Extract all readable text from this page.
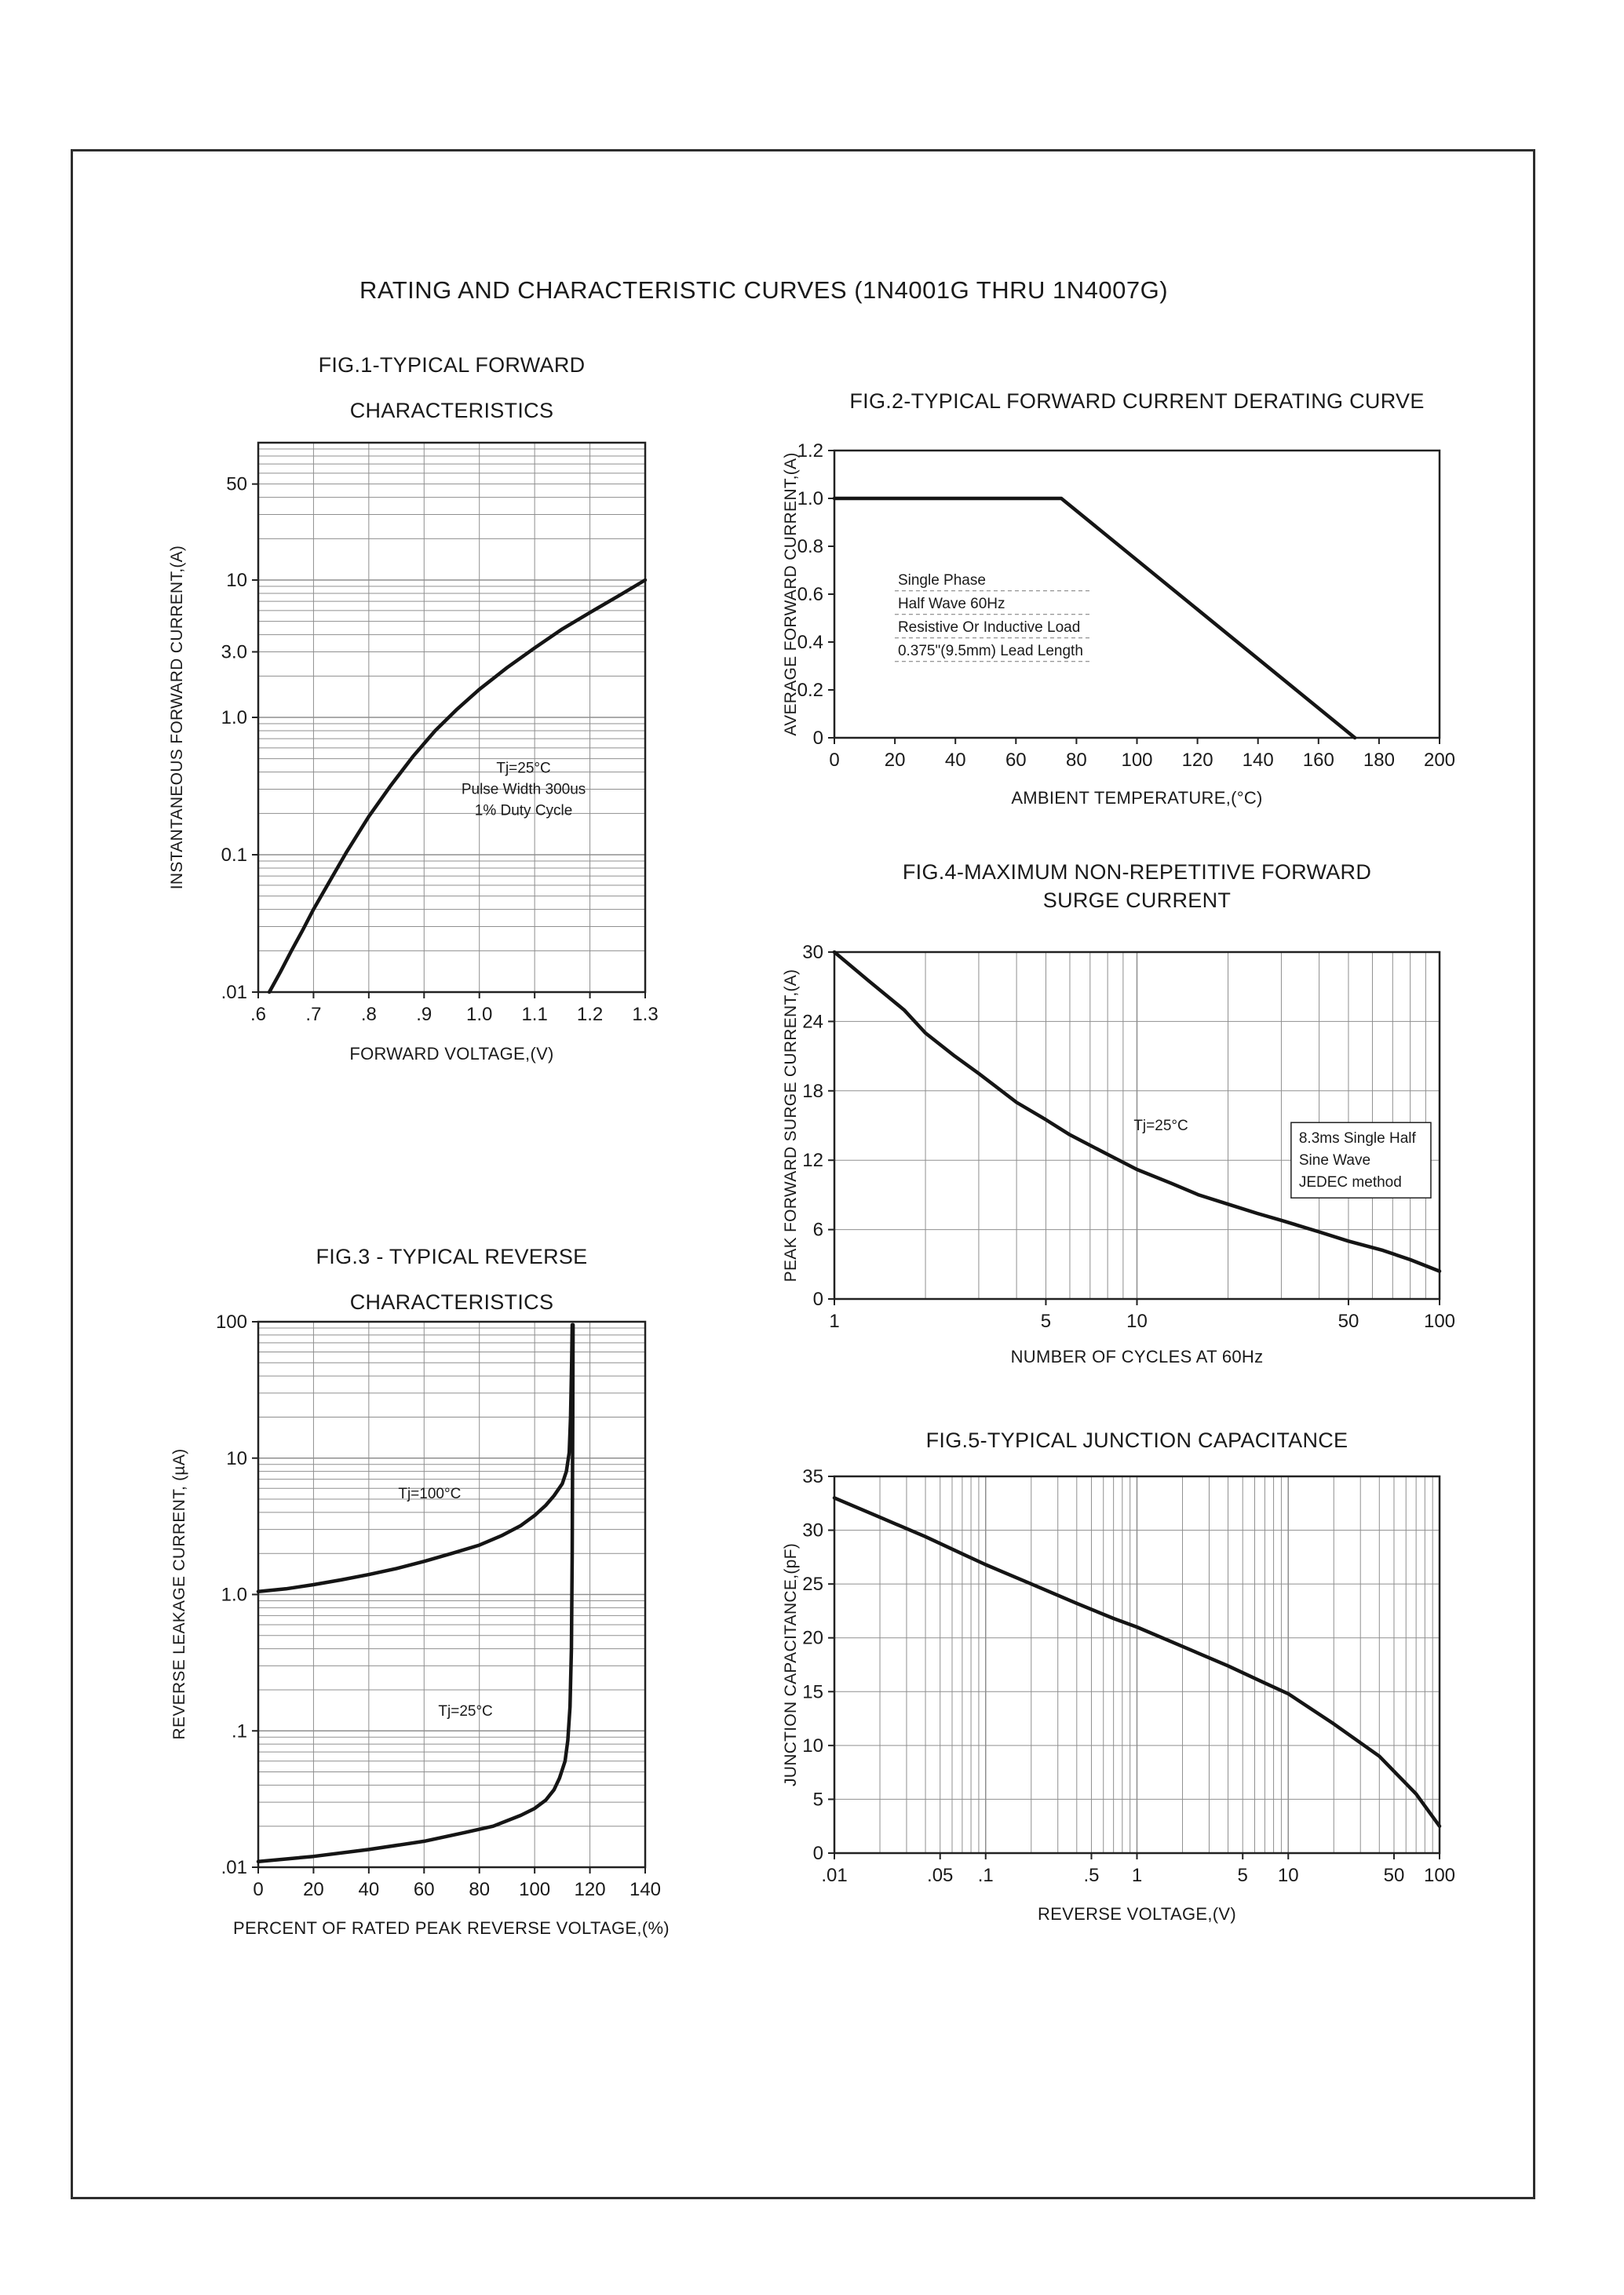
RATING AND CHARACTERISTIC CURVES (1N4001G THRU 1N4007G)
FIG.1-TYPICAL FORWARD
CHARACTERISTICS
.6 .7 .8 .9 1.0 1.1 1.2 1.3
50
10
3.0
1.0
0.1
.01
Tj=25°C
Pulse Width 300us
1% Duty Cycle
FORWARD VOLTAGE,(V)
INSTANTANEOUS FORWARD CURRENT,(A)
FIG.2-TYPICAL FORWARD CURRENT DERATING CURVE
0 20 40 60 80 100 120 140 160 180 200
0
0.2
0.4
0.6
0.8
1.0
1.2
Single Phase
Half Wave 60Hz
Resistive Or Inductive Load
0.375"(9.5mm) Lead Length
AMBIENT TEMPERATURE,(°C)
AVERAGE FORWARD CURRENT,(A)
FIG.4-MAXIMUM NON-REPETITIVE FORWARD
SURGE CURRENT
1	5	10	50	100
0
6
12
18
24
30
Tj=25°C
8.3ms Single Half
Sine Wave
JEDEC method
NUMBER OF CYCLES AT 60Hz
PEAK FORWARD SURGE CURRENT,(A)
FIG.3 - TYPICAL REVERSE
CHARACTERISTICS
0 20 40 60 80 100 120 140
100
10
1.0
.1
.01
Tj=100°C
Tj=25°C
PERCENT OF RATED PEAK REVERSE VOLTAGE,(%)
REVERSE LEAKAGE CURRENT, (µA)
FIG.5-TYPICAL JUNCTION CAPACITANCE
.01	.05 .1	.5 1	5 10	50 100
0
5
10
15
20
25
30
35
REVERSE VOLTAGE,(V)
JUNCTION CAPACITANCE,(pF)
